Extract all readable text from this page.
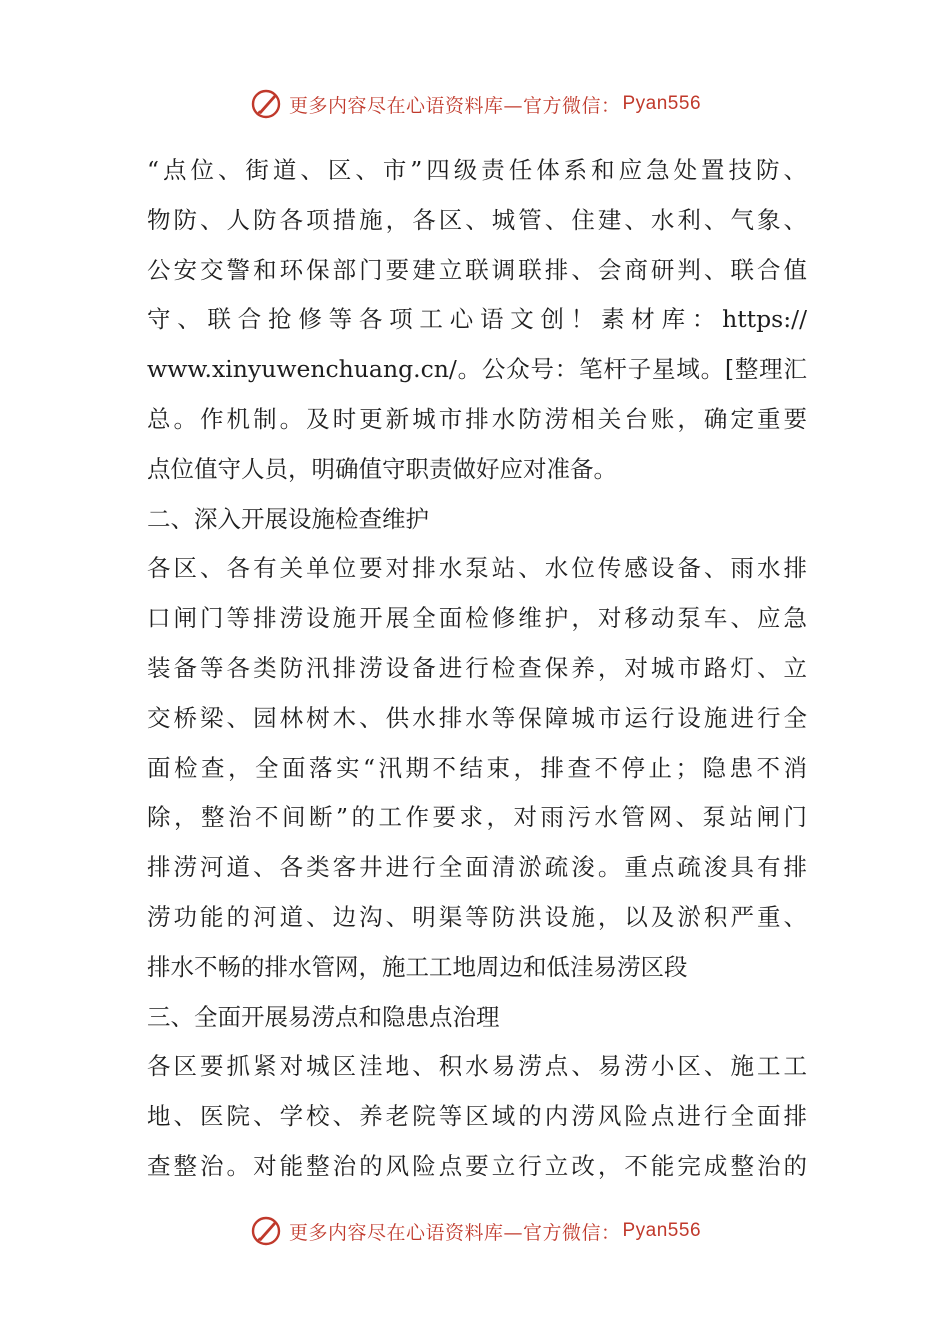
更多内容尽在心语资料库—官方微信： Pyan556
“点位、街道、区、市”四级责任体系和应急处置技防、
物防、人防各项措施，各区、城管、住建、水利、气象、
公安交警和环保部门要建立联调联排、会商研判、联合值
守、联合抢修等各项工心语文创！素材库：https://
www.xinyuwenchuang.cn/。公众号：笔杆子星域。[整理汇
总。作机制。及时更新城市排水防涝相关台账，确定重要
点位值守人员，明确值守职责做好应对准备。
二、深入开展设施检查维护
各区、各有关单位要对排水泵站、水位传感设备、雨水排
口闸门等排涝设施开展全面检修维护，对移动泵车、应急
装备等各类防汛排涝设备进行检查保养，对城市路灯、立
交桥梁、园林树木、供水排水等保障城市运行设施进行全
面检查，全面落实“汛期不结束，排查不停止；隐患不消
除，整治不间断”的工作要求，对雨污水管网、泵站闸门
排涝河道、各类客井进行全面清淤疏浚。重点疏浚具有排
涝功能的河道、边沟、明渠等防洪设施，以及淤积严重、
排水不畅的排水管网，施工工地周边和低洼易涝区段
三、全面开展易涝点和隐患点治理
各区要抓紧对城区洼地、积水易涝点、易涝小区、施工工
地、医院、学校、养老院等区域的内涝风险点进行全面排
查整治。对能整治的风险点要立行立改，不能完成整治的
更多内容尽在心语资料库—官方微信： Pyan556
